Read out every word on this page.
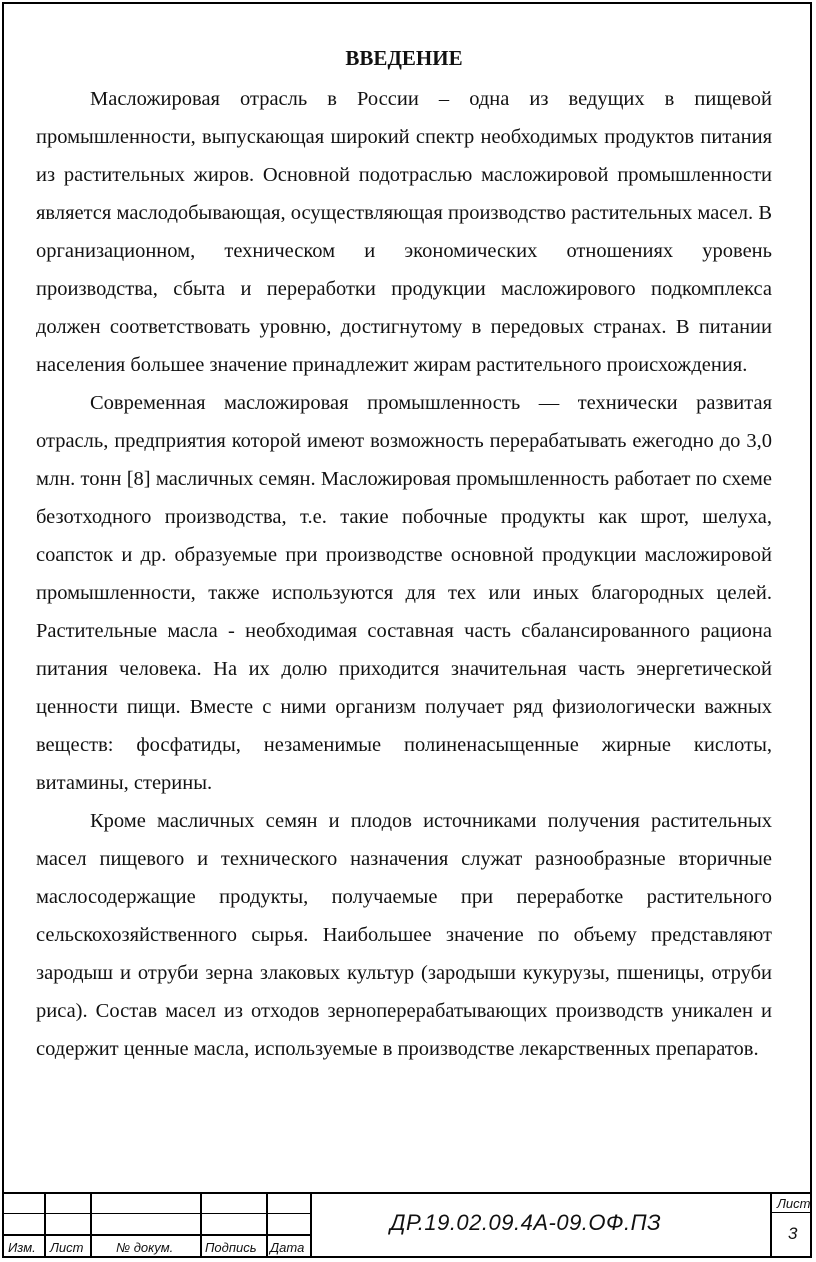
ВВЕДЕНИЕ

Масложировая отрасль в России – одна из ведущих в пищевой промышленности, выпускающая широкий спектр необходимых продуктов питания из растительных жиров. Основной подотраслью масложировой промышленности является маслодобывающая, осуществляющая производство растительных масел. В организационном, техническом и экономических отношениях уровень производства, сбыта и переработки продукции масложирового подкомплекса должен соответствовать уровню, достигнутому в передовых странах. В питании населения большее значение принадлежит жирам растительного происхождения.

Современная масложировая промышленность — технически развитая отрасль, предприятия которой имеют возможность перерабатывать ежегодно до 3,0 млн. тонн [8] масличных семян. Масложировая промышленность работает по схеме безотходного производства, т.е. такие побочные продукты как шрот, шелуха, соапсток и др. образуемые при производстве основной продукции масложировой промышленности, также используются для тех или иных благородных целей. Растительные масла - необходимая составная часть сбалансированного рациона питания человека. На их долю приходится значительная часть энергетической ценности пищи. Вместе с ними организм получает ряд физиологически важных веществ: фосфатиды, незаменимые полиненасыщенные жирные кислоты, витамины, стерины.

Кроме масличных семян и плодов источниками получения растительных масел пищевого и технического назначения служат разнообразные вторичные маслосодержащие продукты, получаемые при переработке растительного сельскохозяйственного сырья. Наибольшее значение по объему представляют зародыш и отруби зерна злаковых культур (зародыши кукурузы, пшеницы, отруби риса). Состав масел из отходов зерноперерабатывающих производств уникален и содержит ценные масла, используемые в производстве лекарственных препаратов.

Изм. Лист	№ докум. Подпись Дата
ДР.19.02.09.4А-09.ОФ.ПЗ
Лист
3
